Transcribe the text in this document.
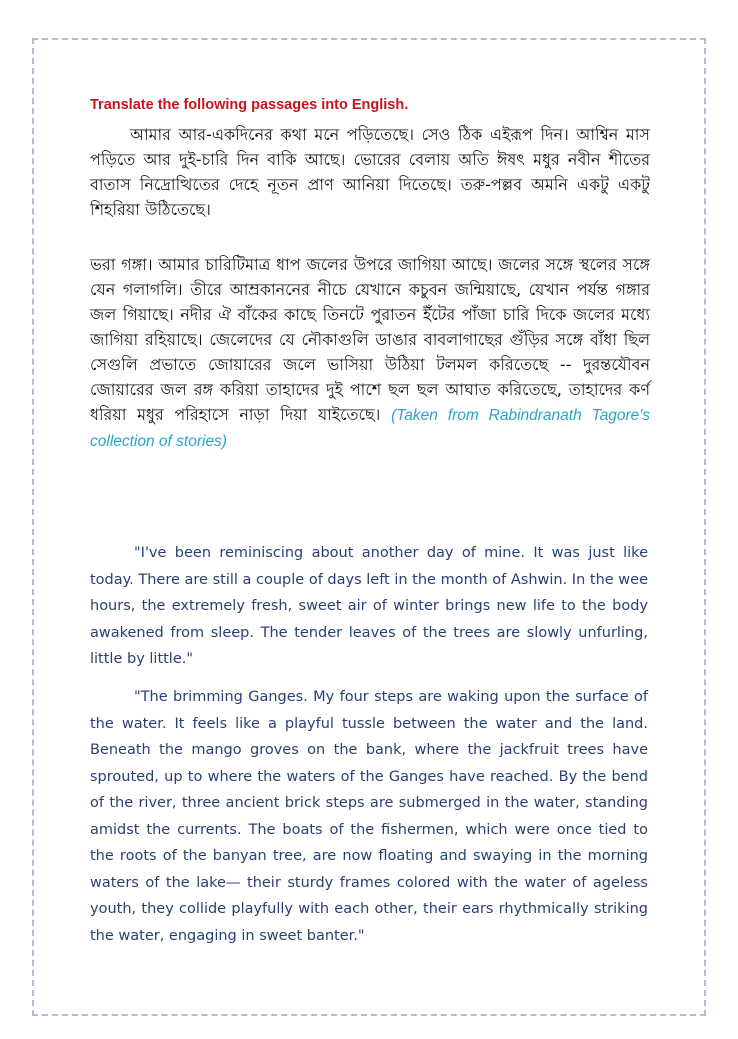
Translate the following passages into English.

আমার আর-একদিনের কথা মনে পড়িতেছে। সেও ঠিক এইরূপ দিন। আশ্বিন মাস পড়িতে আর দুই-চারি দিন বাকি আছে। ভোরের বেলায় অতি ঈষৎ মধুর নবীন শীতের বাতাস নিদ্রোত্থিতের দেহে নূতন প্রাণ আনিয়া দিতেছে। তরু-পল্লব অমনি একটু একটু শিহরিয়া উঠিতেছে।

ভরা গঙ্গা। আমার চারিটিমাত্র ধাপ জলের উপরে জাগিয়া আছে। জলের সঙ্গে স্থলের সঙ্গে যেন গলাগলি। তীরে আম্রকাননের নীচে যেখানে কচুবন জন্মিয়াছে, যেখান পর্যন্ত গঙ্গার জল গিয়াছে। নদীর ঐ বাঁকের কাছে তিনটে পুরাতন ইঁটের পাঁজা চারি দিকে জলের মধ্যে জাগিয়া রহিয়াছে। জেলেদের যে নৌকাগুলি ডাঙার বাবলাগাছের গুঁড়ির সঙ্গে বাঁধা ছিল সেগুলি প্রভাতে জোয়ারের জলে ভাসিয়া উঠিয়া টলমল করিতেছে -- দুরন্তযৌবন জোয়ারের জল রঙ্গ করিয়া তাহাদের দুই পাশে ছল ছল আঘাত করিতেছে, তাহাদের কর্ণ ধরিয়া মধুর পরিহাসে নাড়া দিয়া যাইতেছে। (Taken from Rabindranath Tagore's collection of stories)

"I've been reminiscing about another day of mine. It was just like today. There are still a couple of days left in the month of Ashwin. In the wee hours, the extremely fresh, sweet air of winter brings new life to the body awakened from sleep. The tender leaves of the trees are slowly unfurling, little by little."

"The brimming Ganges. My four steps are waking upon the surface of the water. It feels like a playful tussle between the water and the land. Beneath the mango groves on the bank, where the jackfruit trees have sprouted, up to where the waters of the Ganges have reached. By the bend of the river, three ancient brick steps are submerged in the water, standing amidst the currents. The boats of the fishermen, which were once tied to the roots of the banyan tree, are now floating and swaying in the morning waters of the lake— their sturdy frames colored with the water of ageless youth, they collide playfully with each other, their ears rhythmically striking the water, engaging in sweet banter."
